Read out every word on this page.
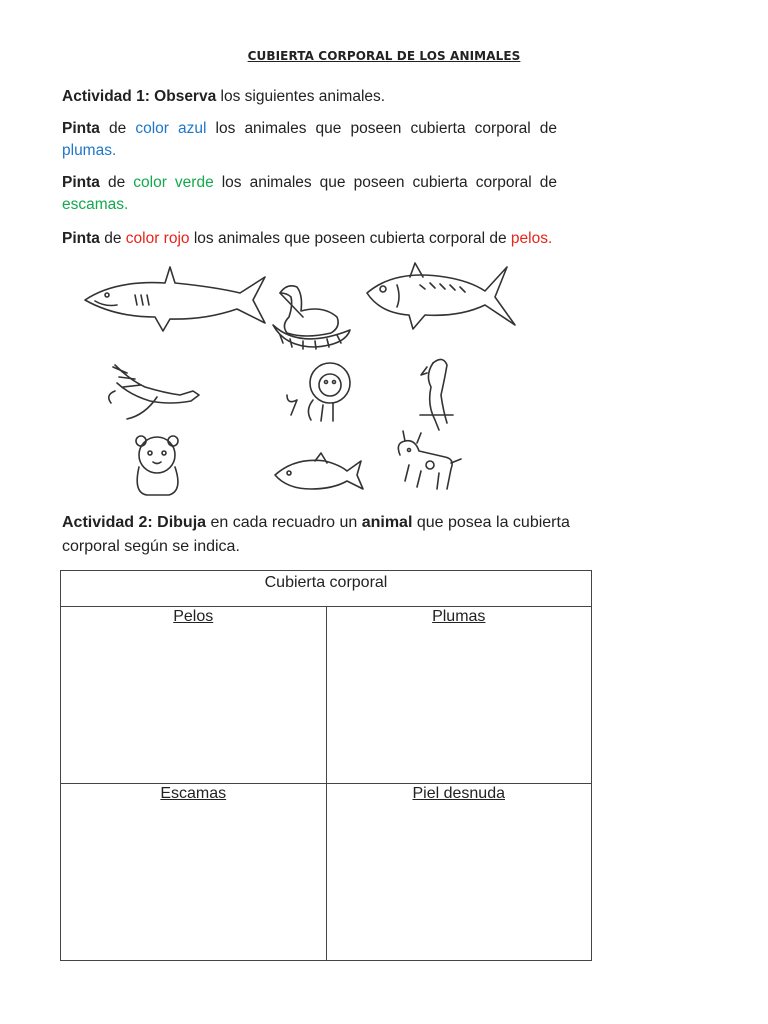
CUBIERTA CORPORAL DE LOS ANIMALES
Actividad 1: Observa los siguientes animales.
Pinta de color azul los animales que poseen cubierta corporal de plumas.
Pinta de color verde los animales que poseen cubierta corporal de escamas.
Pinta de color rojo los animales que poseen cubierta corporal de pelos.
Actividad 2: Dibuja en cada recuadro un animal que posea la cubierta corporal según se indica.
Cubierta corporal	
Pelos	Plumas
Escamas	Piel desnuda
